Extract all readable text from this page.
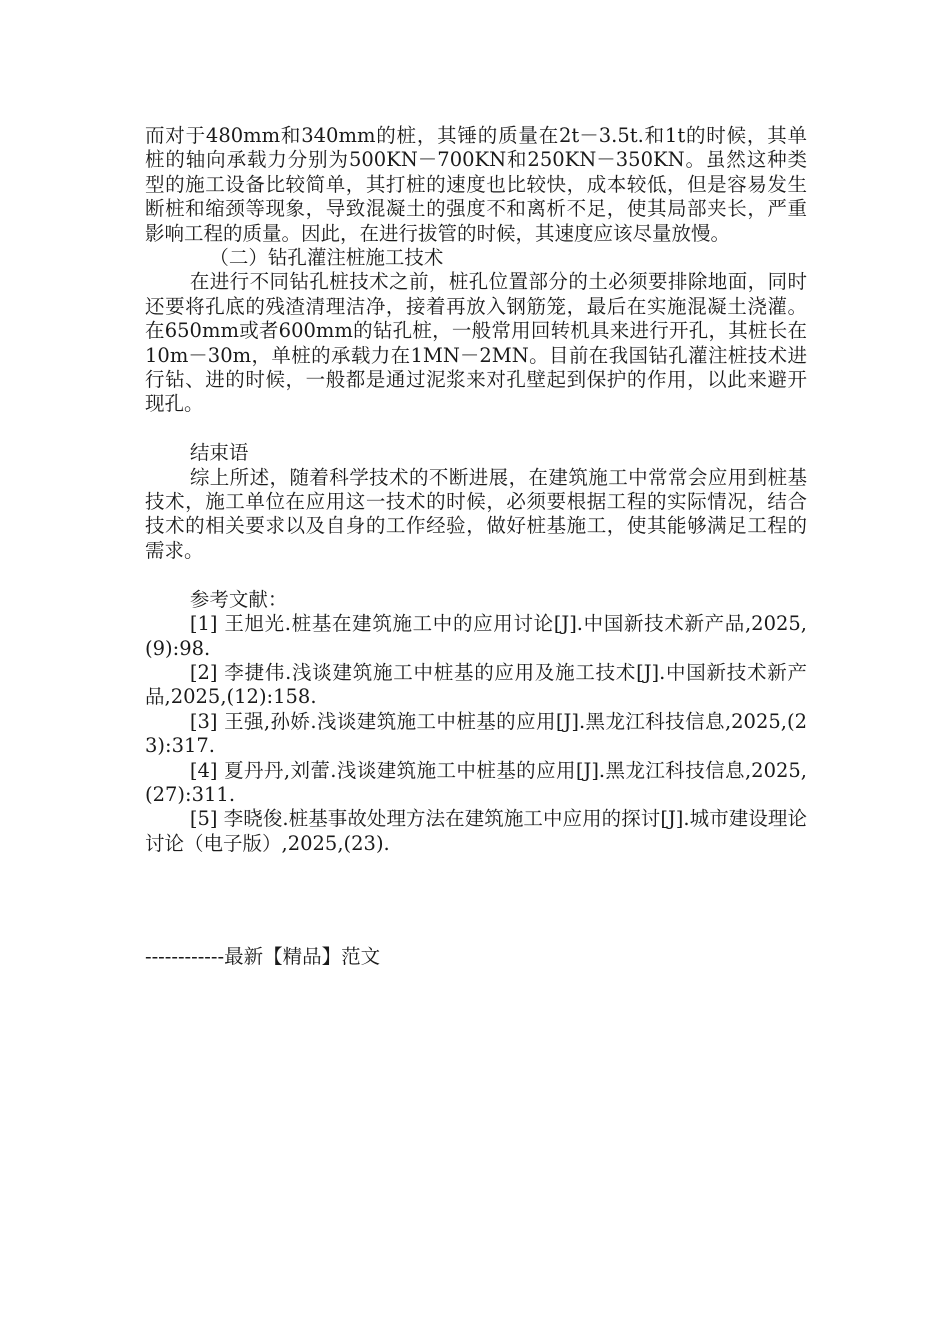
而对于480mm和340mm的桩，其锤的质量在2t－3.5t.和1t的时候，其单桩的轴向承载力分别为500KN－700KN和250KN－350KN。虽然这种类型的施工设备比较简单，其打桩的速度也比较快，成本较低，但是容易发生断桩和缩颈等现象，导致混凝土的强度不和离析不足，使其局部夹长，严重影响工程的质量。因此，在进行拔管的时候，其速度应该尽量放慢。

（二）钻孔灌注桩施工技术

在进行不同钻孔桩技术之前，桩孔位置部分的土必须要排除地面，同时还要将孔底的残渣清理洁净，接着再放入钢筋笼，最后在实施混凝土浇灌。在650mm或者600mm的钻孔桩，一般常用回转机具来进行开孔，其桩长在10m－30m，单桩的承载力在1MN－2MN。目前在我国钻孔灌注桩技术进行钻、进的时候，一般都是通过泥浆来对孔壁起到保护的作用，以此来避开现孔。

结束语

综上所述，随着科学技术的不断进展，在建筑施工中常常会应用到桩基技术，施工单位在应用这一技术的时候，必须要根据工程的实际情况，结合技术的相关要求以及自身的工作经验，做好桩基施工，使其能够满足工程的需求。

参考文献：

[1] 王旭光.桩基在建筑施工中的应用讨论[J].中国新技术新产品,2025,(9):98.

[2] 李捷伟.浅谈建筑施工中桩基的应用及施工技术[J].中国新技术新产品,2025,(12):158.

[3] 王强,孙娇.浅谈建筑施工中桩基的应用[J].黑龙江科技信息,2025,(23):317.

[4] 夏丹丹,刘蕾.浅谈建筑施工中桩基的应用[J].黑龙江科技信息,2025,(27):311.

[5] 李晓俊.桩基事故处理方法在建筑施工中应用的探讨[J].城市建设理论讨论（电子版）,2025,(23).

------------最新【精品】范文
